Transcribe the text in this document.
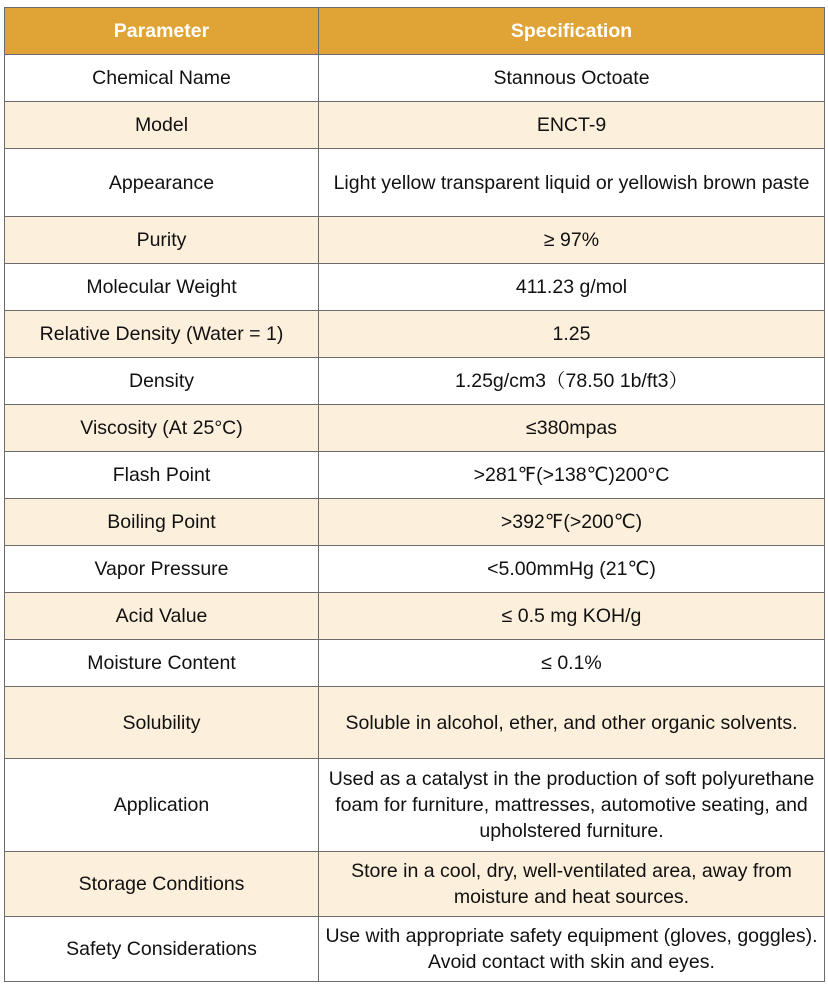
Parameter	Specification
Chemical Name	Stannous Octoate
Model	ENCT-9
Appearance	Light yellow transparent liquid or yellowish brown paste
Purity	≥ 97%
Molecular Weight	411.23 g/mol
Relative Density (Water = 1)	1.25
Density	1.25g/cm3（78.50 1b/ft3）
Viscosity (At 25°C)	≤380mpas
Flash Point	>281℉(>138℃)200°C
Boiling Point	>392℉(>200℃)
Vapor Pressure	<5.00mmHg (21℃)
Acid Value	≤ 0.5 mg KOH/g
Moisture Content	≤ 0.1%
Solubility	Soluble in alcohol, ether, and other organic solvents.
Application	Used as a catalyst in the production of soft polyurethane foam for furniture, mattresses, automotive seating, and upholstered furniture.
Storage Conditions	Store in a cool, dry, well-ventilated area, away from moisture and heat sources.
Safety Considerations	Use with appropriate safety equipment (gloves, goggles). Avoid contact with skin and eyes.
